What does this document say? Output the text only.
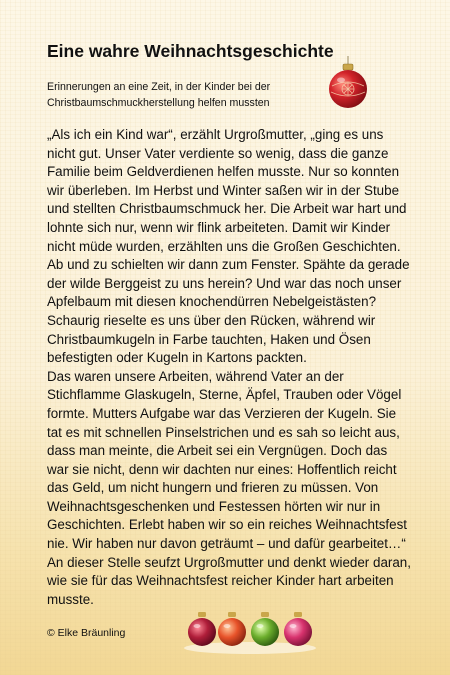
Eine wahre Weihnachtsgeschichte

Erinnerungen an eine Zeit, in der Kinder bei der Christbaumschmuckherstellung helfen mussten

„Als ich ein Kind war“, erzählt Urgroßmutter, „ging es uns nicht gut. Unser Vater verdiente so wenig, dass die ganze Familie beim Geldverdienen helfen musste. Nur so konnten wir überleben. Im Herbst und Winter saßen wir in der Stube und stellten Christbaumschmuck her. Die Arbeit war hart und lohnte sich nur, wenn wir flink arbeiteten. Damit wir Kinder nicht müde wurden, erzählten uns die Großen Geschichten. Ab und zu schielten wir dann zum Fenster. Spähte da gerade der wilde Berggeist zu uns herein? Und war das noch unser Apfelbaum mit diesen knochendürren Nebelgeistästen? Schaurig rieselte es uns über den Rücken, während wir Christbaumkugeln in Farbe tauchten, Haken und Ösen befestigten oder Kugeln in Kartons packten.

Das waren unsere Arbeiten, während Vater an der Stichflamme Glaskugeln, Sterne, Äpfel, Trauben oder Vögel formte. Mutters Aufgabe war das Verzieren der Kugeln. Sie tat es mit schnellen Pinselstrichen und es sah so leicht aus, dass man meinte, die Arbeit sei ein Vergnügen. Doch das war sie nicht, denn wir dachten nur eines: Hoffentlich reicht das Geld, um nicht hungern und frieren zu müssen. Von Weihnachtsgeschenken und Festessen hörten wir nur in Geschichten. Erlebt haben wir so ein reiches Weihnachtsfest nie. Wir haben nur davon geträumt – und dafür gearbeitet…“

An dieser Stelle seufzt Urgroßmutter und denkt wieder daran, wie sie für das Weihnachtsfest reicher Kinder hart arbeiten musste.

© Elke Bräunling
